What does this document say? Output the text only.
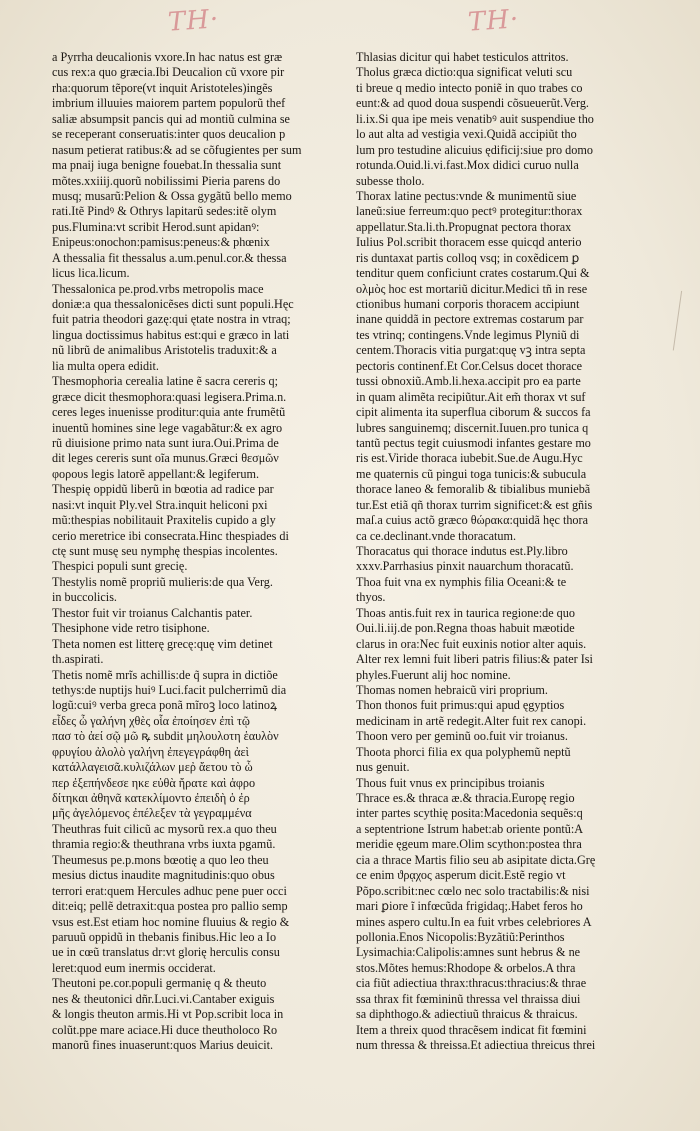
TH·	TH·
a Pyrrha deucalionis vxore.In hac natus est græ
cus rex:a quo græcia.Ibi Deucalion cũ vxore pir
rha:quorum tẽpore(vt inquit Aristoteles)ingẽs
imbrium illuuies maiorem partem populorũ thef
saliæ absumpsit pancis qui ad montiũ culmina se
se receperant conseruatis:inter quos deucalion p
nasum petierat ratibus:& ad se cõfugientes per sum
ma pnaij iuga benigne fouebat.In thessalia sunt
mõtes.xxiiij.quorũ nobilissimi Pieria parens do
musq; musarũ:Pelion & Ossa gygãtũ bello memo
rati.Itẽ Pindꝰ & Othrys lapitarũ sedes:itẽ olym
pus.Flumina:vt scribit Herod.sunt apidanꝰ:
Enipeus:onochon:pamisus:peneus:& phœnix
A thessalia fit thessalus a.um.penul.cor.& thessa
licus lica.licum.
Thessalonica pe.prod.vrbs metropolis mace
doniæ:a qua thessalonicẽses dicti sunt populi.Hęc
fuit patria theodori gazę:qui ętate nostra in vtraq;
lingua doctissimus habitus est:qui e græco in lati
nũ librũ de animalibus Aristotelis traduxit:& a
lia multa opera edidit.
Thesmophoria cerealia latine ẽ sacra cereris q;
græce dicit thesmophora:quasi legisera.Prima.n.
ceres leges inuenisse proditur:quia ante frumẽtũ
inuentũ homines sine lege vagabãtur:& ex agro
rũ diuisione primo nata sunt iura.Oui.Prima de
dit leges cereris sunt oĩa munus.Græci θεσμῶν
φορουs legis latorẽ appellant:& legiferum.
Thespię oppidũ liberũ in bœotia ad radice par
nasi:vt inquit Ply.vel Stra.inquit heliconi pxi
mũ:thespias nobilitauit Praxitelis cupido a gly
cerio meretrice ibi consecrata.Hinc thespiades di
ctę sunt musę seu nymphę thespias incolentes.
Thespici populi sunt grecię.
Thestylis nomẽ propriũ mulieris:de qua Verg.
in buccolicis.
Thestor fuit vir troianus Calchantis pater.
Thesiphone vide retro tisiphone.
Theta nomen est litterę grecę:quę vim detinet
th.aspirati.
Thetis nomẽ mrĩs achillis:de q̃ supra in dictiõe
tethys:de nuptijs huiꝰ Luci.facit pulcherrimũ dia
logũ:cuiꝰ verba greca ponã mĩroꝫ loco latinoꝝ
εἶδες ὦ γαλήνη χθὲς οἷα ἐποίησεν ἐπὶ τῷ
πασ τὸ ἀεί σῷ μῶ ꝶ subdit μηλουλοτη ἑαυλὸν
φρυγίου ἀλολὸ γαλήνη ἐπεγεγράφθη ἀεὶ
κατάλλαγεισᾶ.κυλιζάλων μεῤ ἄετου τὸ ὧ
περ ἐξεπήνδεσε ηκε εὐθὰ ἤρατε καὶ ἀφρο
δίτηκαι ἀθηνᾶ κατεκλίμοντο ἐπειδὴ ὁ ἐρ
μῆς ἀγελόμενος ἐπέλεξεν τὰ γεγραμμένα
Theuthras fuit cilicũ ac mysorũ rex.a quo theu
thramia regio:& theuthrana vrbs iuxta pgamũ.
Theumesus pe.p.mons bœotię a quo leo theu
mesius dictus inaudite magnitudinis:quo obus
terrori erat:quem Hercules adhuc pene puer occi
dit:eiq; pellẽ detraxit:qua postea pro pallio semp
vsus est.Est etiam hoc nomine fluuius & regio &
paruuũ oppidũ in thebanis finibus.Hic leo a Io
ue in cœũ translatus dr:vt glorię herculis consu
leret:quod eum inermis occiderat.
Theutoni pe.cor.populi germanię q & theuto
nes & theutonici dñr.Luci.vi.Cantaber exiguis
& longis theuton armis.Hi vt Pop.scribit loca in
colũt.ppe mare aciace.Hi duce theutholoco Ro
manorũ fines inuaserunt:quos Marius deuicit.
Thlasias dicitur qui habet testiculos attritos.
Tholus græca dictio:qua significat veluti scu
ti breue q medio intecto poniẽ in quo trabes co
eunt:& ad quod doua suspendi cõsueuerũt.Verg.
li.ix.Si qua ipe meis venatibꝰ auit suspendiue tho
lo aut alta ad vestigia vexi.Quidã accipiũt tho
lum pro testudine alicuius ędificij:siue pro domo
rotunda.Ouid.li.vi.fast.Mox didici curuo nulla
subesse tholo.
Thorax latine pectus:vnde & munimentũ siue
laneũ:siue ferreum:quo pectꝰ protegitur:thorax
appellatur.Sta.li.th.Propugnat pectora thorax
Iulius Pol.scribit thoracem esse quicqd anterio
ris duntaxat partis colloq vsq; in coxẽdicem ꝑ
tenditur quem conficiunt crates costarum.Qui &
ολμὸς hoc est mortariũ dicitur.Medici tñ in rese
ctionibus humani corporis thoracem accipiunt
inane quiddã in pectore extremas costarum par
tes vtrinq; contingens.Vnde legimus Plyniũ di
centem.Thoracis vitia purgat:quę vꝫ intra septa
pectoris continenf.Et Cor.Celsus docet thorace
tussi obnoxiũ.Amb.li.hexa.accipit pro ea parte
in quam alimẽta recipiũtur.Ait em̃ thorax vt suf
cipit alimenta ita superflua ciborum & succos fa
lubres sanguinemq; discernit.Iuuen.pro tunica q
tantũ pectus tegit cuiusmodi infantes gestare mo
ris est.Viride thoraca iubebit.Sue.de Augu.Hyc
me quaternis cũ pingui toga tunicis:& subucula
thorace laneo & femoralib & tibialibus muniebã
tur.Est etiã qñ thorax turrim significet:& est gñis
maſ.a cuius actõ græco θώρακα:quidã hęc thora
ca ce.declinant.vnde thoracatum.
Thoracatus qui thorace indutus est.Ply.libro
xxxv.Parrhasius pinxit nauarchum thoracatũ.
Thoa fuit vna ex nymphis filia Oceani:& te
thyos.
Thoas antis.fuit rex in taurica regione:de quo
Oui.li.iij.de pon.Regna thoas habuit mæotide
clarus in ora:Nec fuit euxinis notior alter aquis.
Alter rex lemni fuit liberi patris filius:& pater Isi
phyles.Fuerunt alij hoc nomine.
Thomas nomen hebraicũ viri proprium.
Thon thonos fuit primus:qui apud ęgyptios
medicinam in artẽ redegit.Alter fuit rex canopi.
Thoon vero per geminũ oo.fuit vir troianus.
Thoota phorci filia ex qua polyphemũ neptũ
nus genuit.
Thous fuit vnus ex principibus troianis
Thrace es.& thraca æ.& thracia.Europę regio
inter partes scythię posita:Macedonia sequẽs:q
a septentrione Istrum habet:ab oriente pontũ:A
meridie ęgeum mare.Olim scython:postea thra
cia a thrace Martis filio seu ab asipitate dicta.Grę
ce enim ϑρᾳχος asperum dicit.Estẽ regio vt
Põpo.scribit:nec cœlo nec solo tractabilis:& nisi
mari ꝑiore ĩ infœcũda frigidaq;.Habet feros ho
mines aspero cultu.In ea fuit vrbes celebriores A
pollonia.Enos Nicopolis:Byzãtiũ:Perinthos
Lysimachia:Calipolis:amnes sunt hebrus & ne
stos.Mõtes hemus:Rhodope & orbelos.A thra
cia fiũt adiectiua thrax:thracus:thracius:& thrae
ssa thrax fit fœmininũ thressa vel thraissa diui
sa diphthogo.& adiectiuũ thraicus & thraicus.
Item a threix quod thracẽsem indicat fit fœmini
num thressa & threissa.Et adiectiua threicus threi
